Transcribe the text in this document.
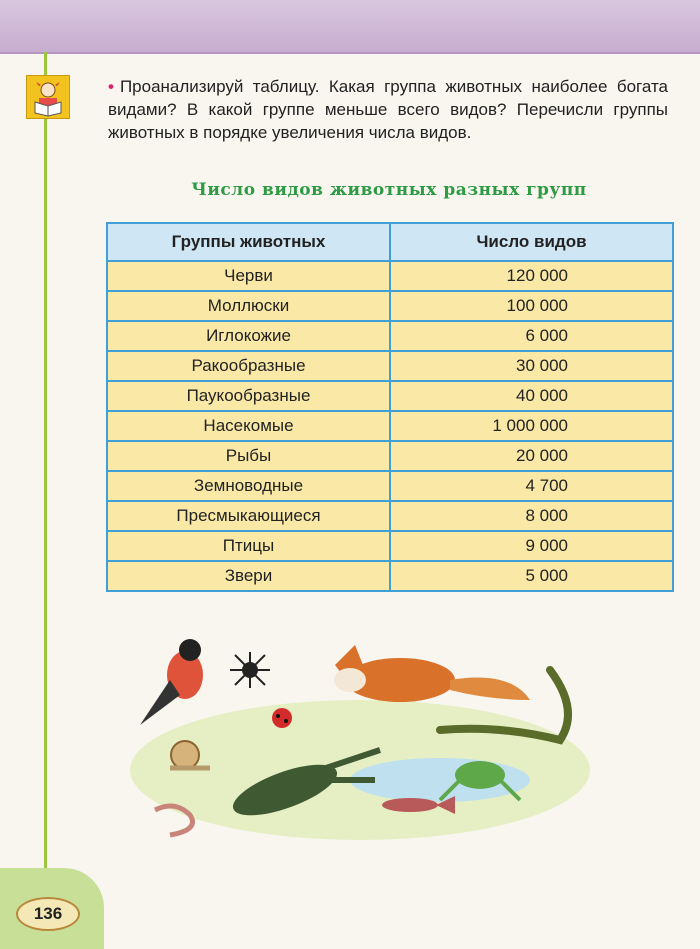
• Проанализируй таблицу. Какая группа животных наиболее богата видами? В какой группе меньше всего видов? Перечисли группы животных в порядке увеличения числа видов.
Число видов животных разных групп
Группы животных	Число видов
Черви	120 000
Моллюски	100 000
Иглокожие	6 000
Ракообразные	30 000
Паукообразные	40 000
Насекомые	1 000 000
Рыбы	20 000
Земноводные	4 700
Пресмыкающиеся	8 000
Птицы	9 000
Звери	5 000
136
